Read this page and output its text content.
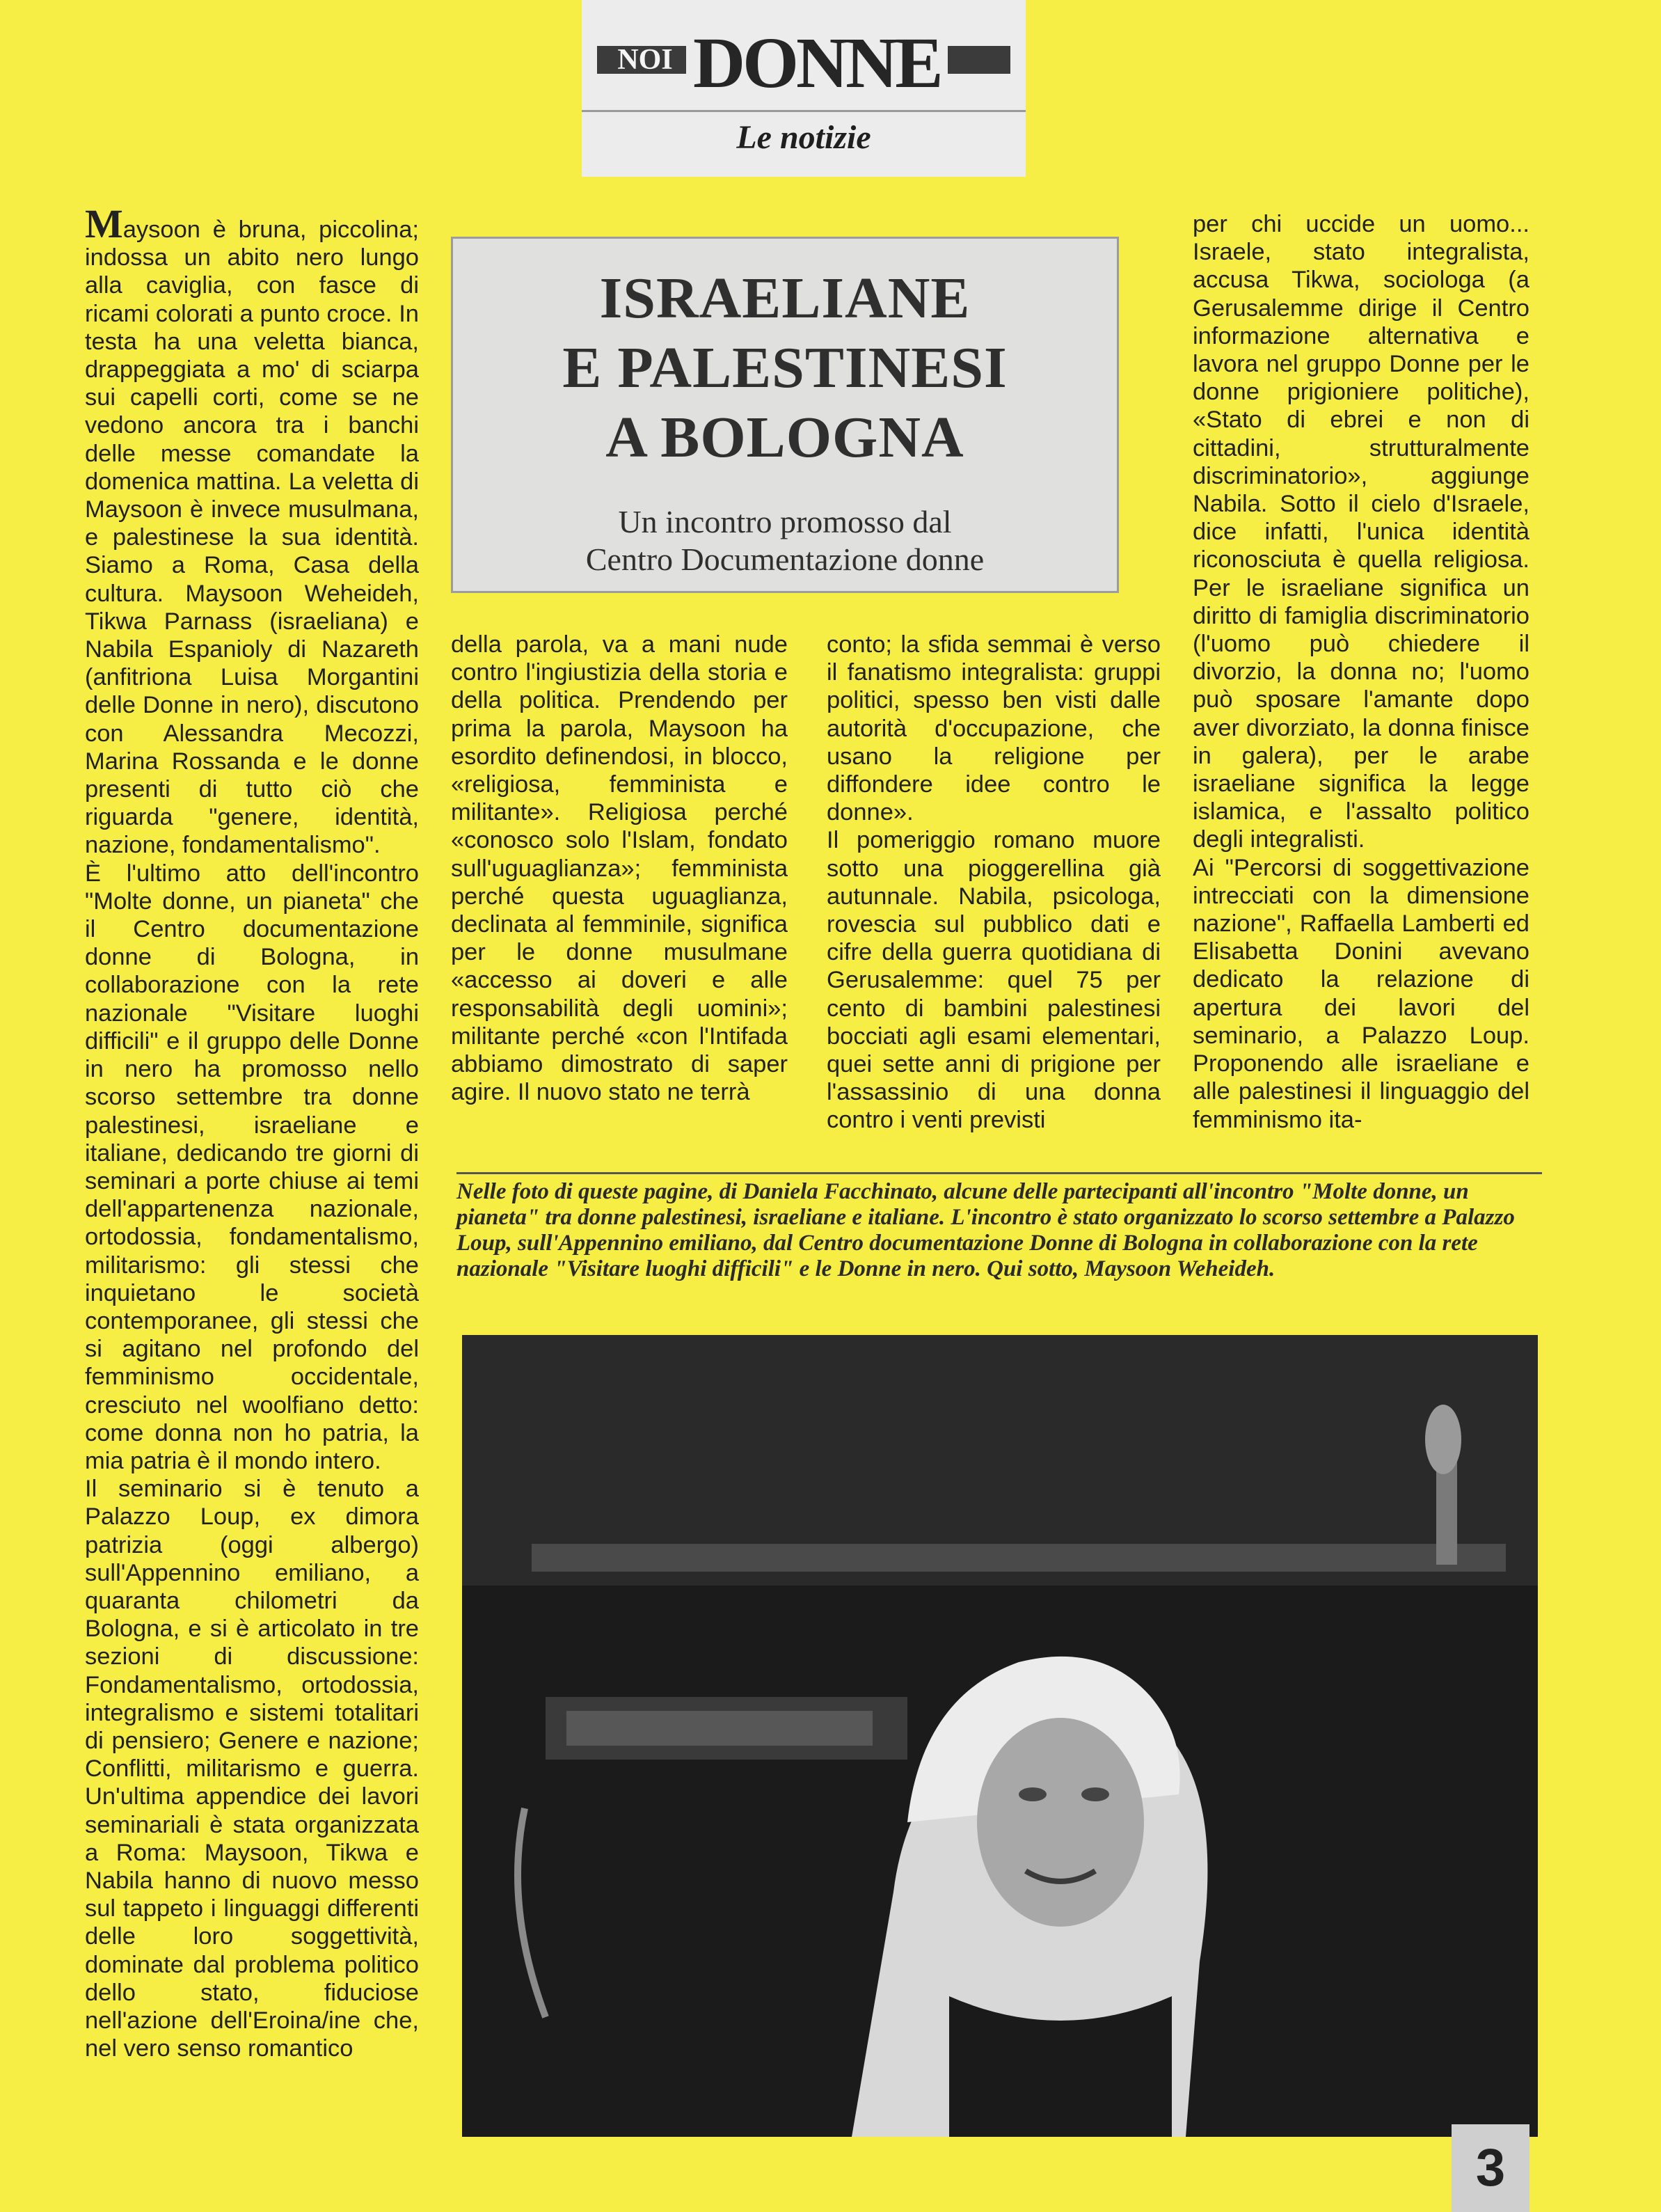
NOI DONNE
Le notizie

Maysoon è bruna, piccolina; indossa un abito nero lungo alla caviglia, con fasce di ricami colorati a punto croce. In testa ha una veletta bianca, drappeggiata a mo' di sciarpa sui capelli corti, come se ne vedono ancora tra i banchi delle messe comandate la domenica mattina. La veletta di Maysoon è invece musulmana, e palestinese la sua identità. Siamo a Roma, Casa della cultura. Maysoon Weheideh, Tikwa Parnass (israeliana) e Nabila Espanioly di Nazareth (anfitriona Luisa Morgantini delle Donne in nero), discutono con Alessandra Mecozzi, Marina Rossanda e le donne presenti di tutto ciò che riguarda "genere, identità, nazione, fondamentalismo".

È l'ultimo atto dell'incontro "Molte donne, un pianeta" che il Centro documentazione donne di Bologna, in collaborazione con la rete nazionale "Visitare luoghi difficili" e il gruppo delle Donne in nero ha promosso nello scorso settembre tra donne palestinesi, israeliane e italiane, dedicando tre giorni di seminari a porte chiuse ai temi dell'appartenenza nazionale, ortodossia, fondamentalismo, militarismo: gli stessi che inquietano le società contemporanee, gli stessi che si agitano nel profondo del femminismo occidentale, cresciuto nel woolfiano detto: come donna non ho patria, la mia patria è il mondo intero.

Il seminario si è tenuto a Palazzo Loup, ex dimora patrizia (oggi albergo) sull'Appennino emiliano, a quaranta chilometri da Bologna, e si è articolato in tre sezioni di discussione: Fondamentalismo, ortodossia, integralismo e sistemi totalitari di pensiero; Genere e nazione; Conflitti, militarismo e guerra. Un'ultima appendice dei lavori seminariali è stata organizzata a Roma: Maysoon, Tikwa e Nabila hanno di nuovo messo sul tappeto i linguaggi differenti delle loro soggettività, dominate dal problema politico dello stato, fiduciose nell'azione dell'Eroina/ine che, nel vero senso romantico

ISRAELIANE
E PALESTINESI
A BOLOGNA
Un incontro promosso dal
Centro Documentazione donne

della parola, va a mani nude contro l'ingiustizia della storia e della politica. Prendendo per prima la parola, Maysoon ha esordito definendosi, in blocco, «religiosa, femminista e militante». Religiosa perché «conosco solo l'Islam, fondato sull'uguaglianza»; femminista perché questa uguaglianza, declinata al femminile, significa per le donne musulmane «accesso ai doveri e alle responsabilità degli uomini»; militante perché «con l'Intifada abbiamo dimostrato di saper agire. Il nuovo stato ne terrà

conto; la sfida semmai è verso il fanatismo integralista: gruppi politici, spesso ben visti dalle autorità d'occupazione, che usano la religione per diffondere idee contro le donne».

Il pomeriggio romano muore sotto una pioggerellina già autunnale. Nabila, psicologa, rovescia sul pubblico dati e cifre della guerra quotidiana di Gerusalemme: quel 75 per cento di bambini palestinesi bocciati agli esami elementari, quei sette anni di prigione per l'assassinio di una donna contro i venti previsti

per chi uccide un uomo... Israele, stato integralista, accusa Tikwa, sociologa (a Gerusalemme dirige il Centro informazione alternativa e lavora nel gruppo Donne per le donne prigioniere politiche), «Stato di ebrei e non di cittadini, strutturalmente discriminatorio», aggiunge Nabila. Sotto il cielo d'Israele, dice infatti, l'unica identità riconosciuta è quella religiosa. Per le israeliane significa un diritto di famiglia discriminatorio (l'uomo può chiedere il divorzio, la donna no; l'uomo può sposare l'amante dopo aver divorziato, la donna finisce in galera), per le arabe israeliane significa la legge islamica, e l'assalto politico degli integralisti.

Ai "Percorsi di soggettivazione intrecciati con la dimensione nazione", Raffaella Lamberti ed Elisabetta Donini avevano dedicato la relazione di apertura dei lavori del seminario, a Palazzo Loup. Proponendo alle israeliane e alle palestinesi il linguaggio del femminismo ita-

Nelle foto di queste pagine, di Daniela Facchinato, alcune delle partecipanti all'incontro "Molte donne, un pianeta" tra donne palestinesi, israeliane e italiane. L'incontro è stato organizzato lo scorso settembre a Palazzo Loup, sull'Appennino emiliano, dal Centro documentazione Donne di Bologna in collaborazione con la rete nazionale "Visitare luoghi difficili" e le Donne in nero. Qui sotto, Maysoon Weheideh.
3
